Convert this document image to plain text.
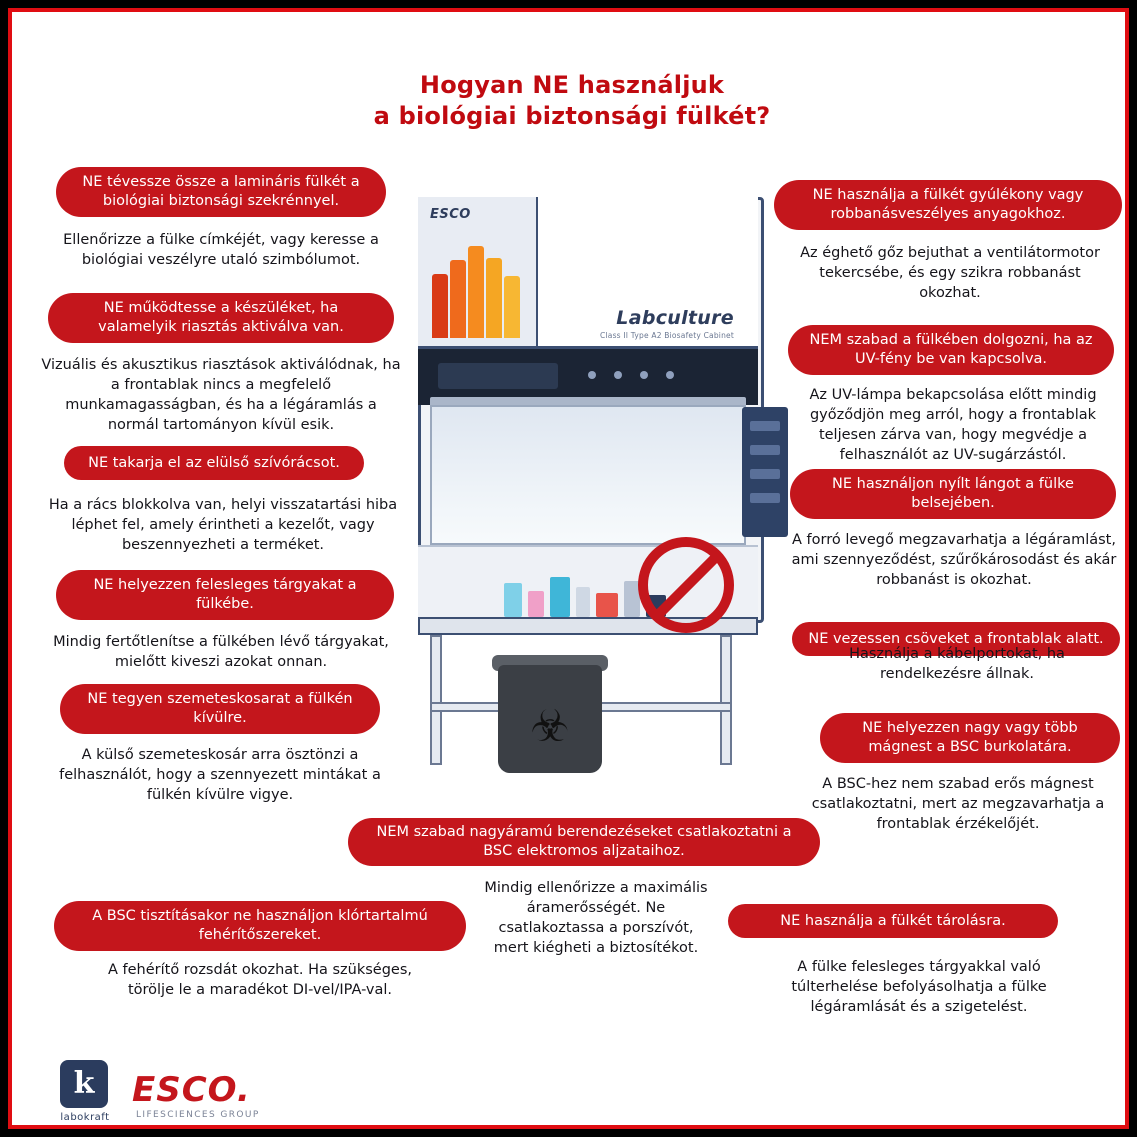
Hogyan NE használjuk
a biológiai biztonsági fülkét?
NE tévessze össze a lamináris fülkét a biológiai biztonsági szekrénnyel.
Ellenőrizze a fülke címkéjét, vagy keresse a biológiai veszélyre utaló szimbólumot.
NE működtesse a készüléket, ha valamelyik riasztás aktiválva van.
Vizuális és akusztikus riasztások aktiválódnak, ha a frontablak nincs a megfelelő munkamagasságban, és ha a légáramlás a normál tartományon kívül esik.
NE takarja el az elülső szívórácsot.
Ha a rács blokkolva van, helyi visszatartási hiba léphet fel, amely érintheti a kezelőt, vagy beszennyezheti a terméket.
NE helyezzen felesleges tárgyakat a fülkébe.
Mindig fertőtlenítse a fülkében lévő tárgyakat, mielőtt kiveszi azokat onnan.
NE tegyen szemeteskosarat a fülkén kívülre.
A külső szemeteskosár arra ösztönzi a felhasználót, hogy a szennyezett mintákat a fülkén kívülre vigye.
NE használja a fülkét gyúlékony vagy robbanásveszélyes anyagokhoz.
Az éghető gőz bejuthat a ventilátormotor tekercsébe, és egy szikra robbanást okozhat.
NEM szabad a fülkében dolgozni, ha az UV-fény be van kapcsolva.
Az UV-lámpa bekapcsolása előtt mindig győződjön meg arról, hogy a frontablak teljesen zárva van, hogy megvédje a felhasználót az UV-sugárzástól.
NE használjon nyílt lángot a fülke belsejében.
A forró levegő megzavarhatja a légáramlást, ami szennyeződést, szűrőkárosodást és akár robbanást is okozhat.
NE vezessen csöveket a frontablak alatt.
Használja a kábelportokat, ha rendelkezésre állnak.
NE helyezzen nagy vagy több mágnest a BSC burkolatára.
A BSC-hez nem szabad erős mágnest csatlakoztatni, mert az megzavarhatja a frontablak érzékelőjét.
NEM szabad nagyáramú berendezéseket csatlakoztatni a BSC elektromos aljzataihoz.
Mindig ellenőrizze a maximális áramerősségét. Ne csatlakoztassa a porszívót, mert kiégheti a biztosítékot.
A BSC tisztításakor ne használjon klórtartalmú fehérítőszereket.
A fehérítő rozsdát okozhat. Ha szükséges, törölje le a maradékot DI-vel/IPA-val.
NE használja a fülkét tárolásra.
A fülke felesleges tárgyakkal való túlterhelése befolyásolhatja a fülke légáramlását és a szigetelést.
ESCO
Labculture
Class II Type A2 Biosafety Cabinet
☣
k
labokraft
ESCO.
LIFESCIENCES GROUP
